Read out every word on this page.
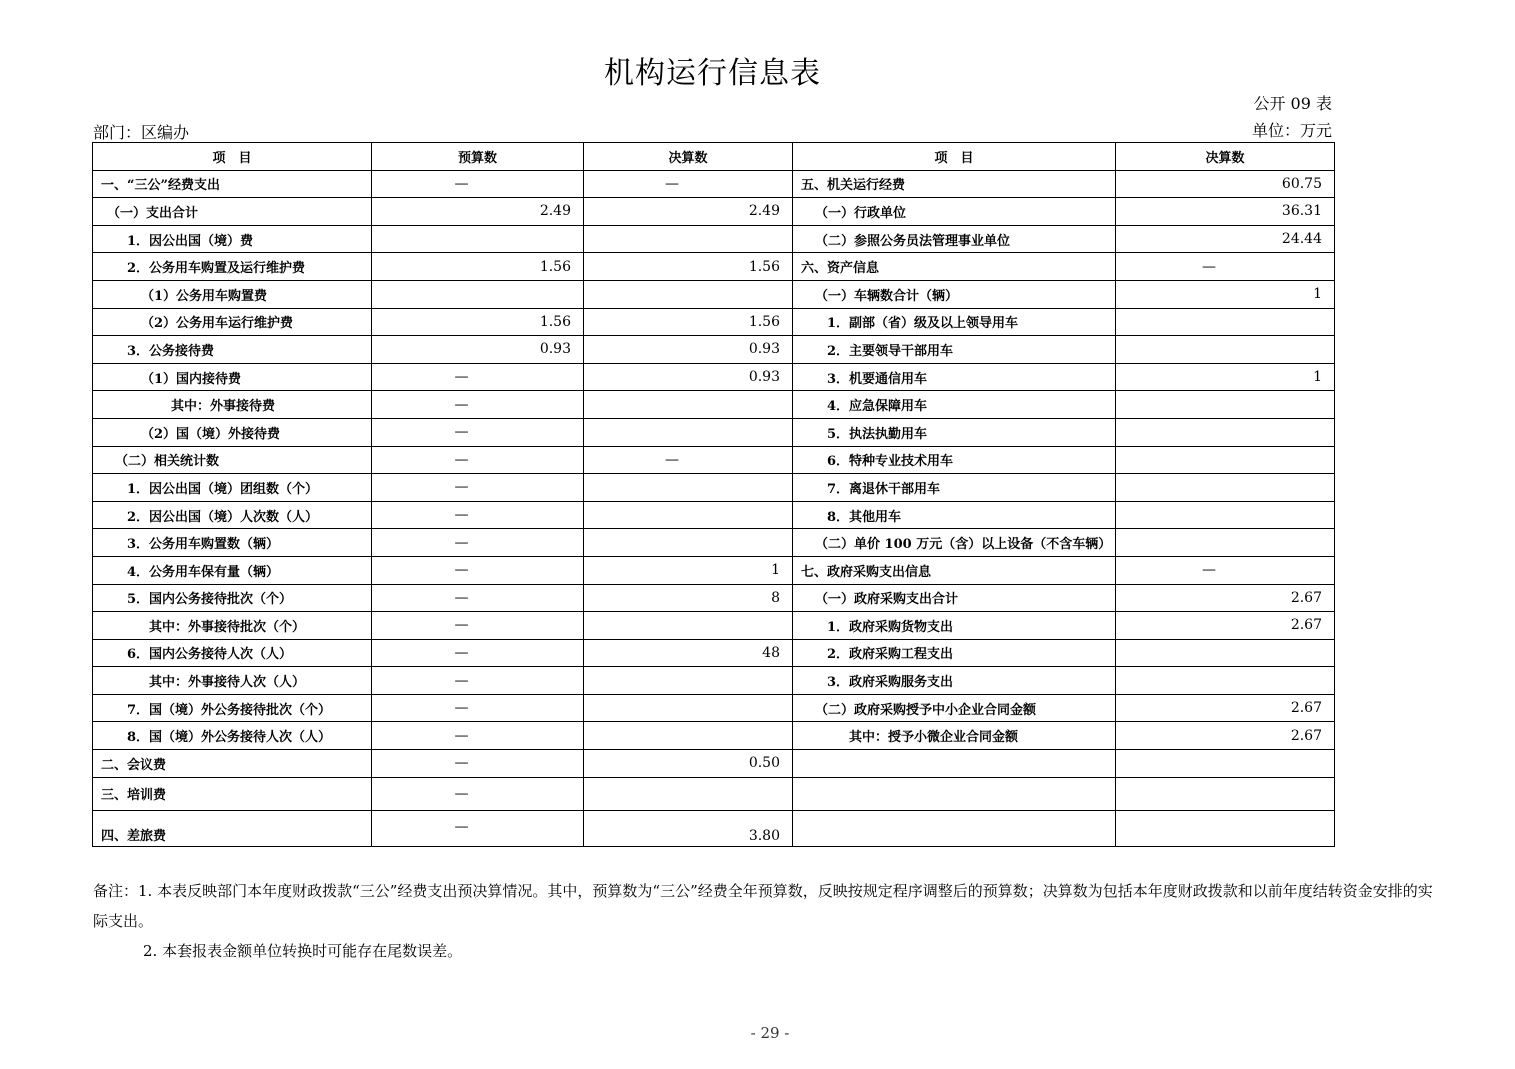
机构运行信息表
公开 09 表
部门：区编办	单位：万元
项　目	预算数	决算数	项　目	决算数
一、“三公”经费支出	—	—	五、机关运行经费	60.75
（一）支出合计	2.49	2.49	（一）行政单位	36.31
1．因公出国（境）费			（二）参照公务员法管理事业单位	24.44
2．公务用车购置及运行维护费	1.56	1.56	六、资产信息	—
（1）公务用车购置费			（一）车辆数合计（辆）	1
（2）公务用车运行维护费	1.56	1.56	1．副部（省）级及以上领导用车	
3．公务接待费	0.93	0.93	2．主要领导干部用车	
（1）国内接待费	—	0.93	3．机要通信用车	1
其中：外事接待费	—		4．应急保障用车	
（2）国（境）外接待费	—		5．执法执勤用车	
（二）相关统计数	—	—	6．特种专业技术用车	
1．因公出国（境）团组数（个）	—		7．离退休干部用车	
2．因公出国（境）人次数（人）	—		8．其他用车	
3．公务用车购置数（辆）	—		（二）单价 100 万元（含）以上设备（不含车辆）	
4．公务用车保有量（辆）	—	1	七、政府采购支出信息	—
5．国内公务接待批次（个）	—	8	（一）政府采购支出合计	2.67
其中：外事接待批次（个）	—		1．政府采购货物支出	2.67
6．国内公务接待人次（人）	—	48	2．政府采购工程支出	
其中：外事接待人次（人）	—		3．政府采购服务支出	
7．国（境）外公务接待批次（个）	—		（二）政府采购授予中小企业合同金额	2.67
8．国（境）外公务接待人次（人）	—		其中：授予小微企业合同金额	2.67
二、会议费	—	0.50		
三、培训费	—			
四、差旅费	—	3.80		

备注：1. 本表反映部门本年度财政拨款“三公”经费支出预决算情况。其中，预算数为“三公”经费全年预算数，反映按规定程序调整后的预算数；决算数为包括本年度财政拨款和以前年度结转资金安排的实际支出。

2. 本套报表金额单位转换时可能存在尾数误差。

- 29 -
